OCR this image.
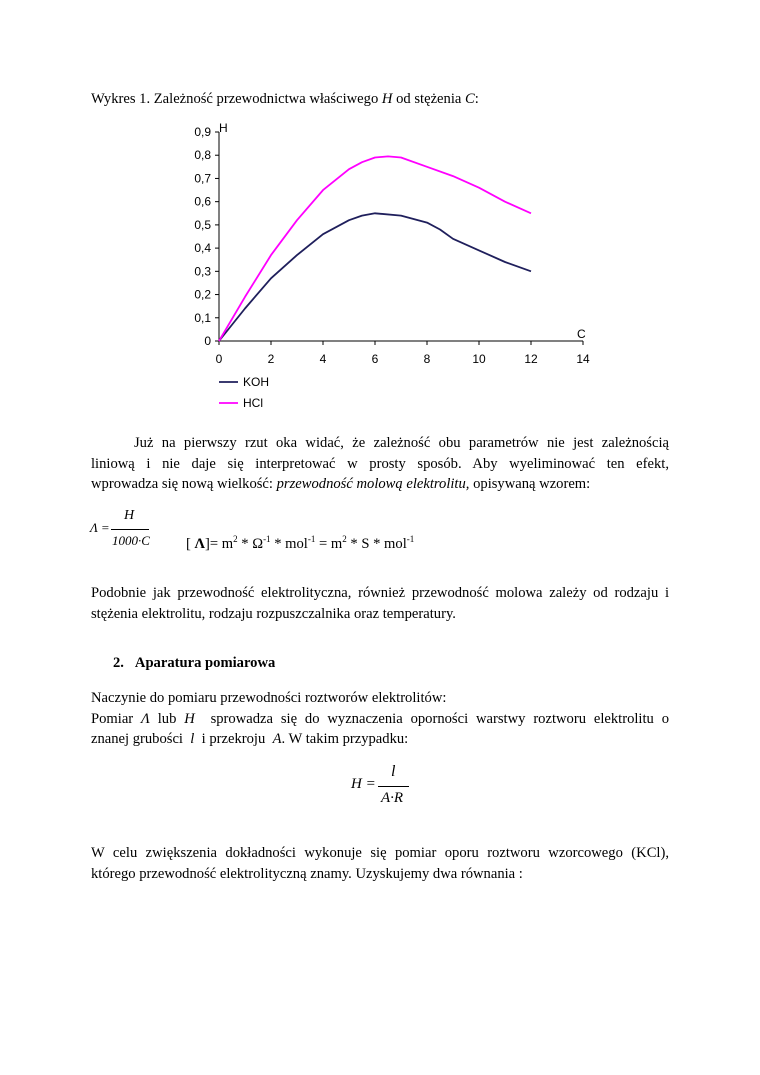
Wykres 1. Zależność przewodnictwa właściwego H od stężenia C:
0
0,1
0,2
0,3
0,4
0,5
0,6
0,7
0,8
0,9
0	2	4	6	8	10	12	14
H
C
KOH
HCl
Już na pierwszy rzut oka widać, że zależność obu parametrów nie jest zależnością
liniową i nie daje się interpretować w prosty sposób. Aby wyeliminować ten efekt,
wprowadza się nową wielkość: przewodność molową elektrolitu, opisywaną wzorem:
Λ =
H
1000·C [ $\Lambda]= m^2 * \Omega^{-1} * mol^{-1} = m^2 * S * mol^{-1}$
Podobnie jak przewodność elektrolityczna, również przewodność molowa zależy od rodzaju i
stężenia elektrolitu, rodzaju rozpuszczalnika oraz temperatury.
2. Aparatura pomiarowa
Naczynie do pomiaru przewodności roztworów elektrolitów:
Pomiar Λ lub H sprowadza się do wyznaczenia oporności warstwy roztworu elektrolitu o
znanej grubości l i przekroju A. W takim przypadku:
H =
l
A·R
W celu zwiększenia dokładności wykonuje się pomiar oporu roztworu wzorcowego (KCl),
którego przewodność elektrolityczną znamy. Uzyskujemy dwa równania :
